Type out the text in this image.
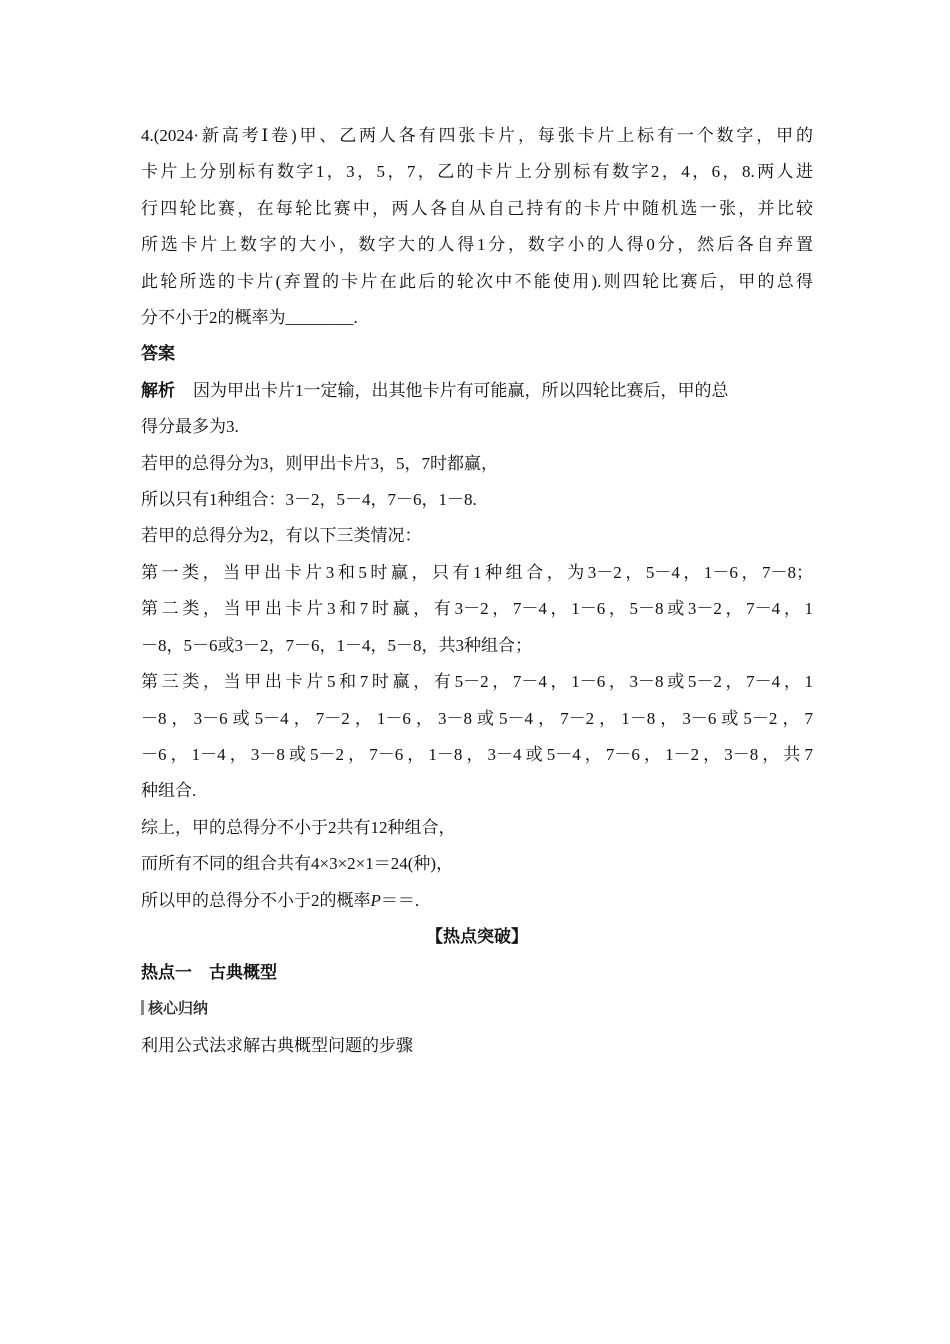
4.(2024·新高考Ⅰ卷)甲、乙两人各有四张卡片，每张卡片上标有一个数字，甲的

卡片上分别标有数字1，3，5，7，乙的卡片上分别标有数字2，4，6，8.两人进

行四轮比赛，在每轮比赛中，两人各自从自己持有的卡片中随机选一张，并比较

所选卡片上数字的大小，数字大的人得1分，数字小的人得0分，然后各自弃置

此轮所选的卡片(弃置的卡片在此后的轮次中不能使用).则四轮比赛后，甲的总得

分不小于2的概率为________.

答案

解析 因为甲出卡片1一定输，出其他卡片有可能赢，所以四轮比赛后，甲的总

得分最多为3.

若甲的总得分为3，则甲出卡片3，5，7时都赢，

所以只有1种组合：3－2，5－4，7－6，1－8.

若甲的总得分为2，有以下三类情况：

第一类，当甲出卡片3和5时赢，只有1种组合，为3－2，5－4，1－6，7－8；

第二类，当甲出卡片3和7时赢，有3－2，7－4，1－6，5－8或3－2，7－4，1

－8，5－6或3－2，7－6，1－4，5－8，共3种组合；

第三类，当甲出卡片5和7时赢，有5－2，7－4，1－6，3－8或5－2，7－4，1

－8，3－6或5－4，7－2，1－6，3－8或5－4，7－2，1－8，3－6或5－2，7

－6，1－4，3－8或5－2，7－6，1－8，3－4或5－4，7－6，1－2，3－8，共7

种组合.

综上，甲的总得分不小于2共有12种组合，

而所有不同的组合共有4×3×2×1＝24(种)，

所以甲的总得分不小于2的概率P＝＝.

【热点突破】

热点一　古典概型

核心归纳

利用公式法求解古典概型问题的步骤
